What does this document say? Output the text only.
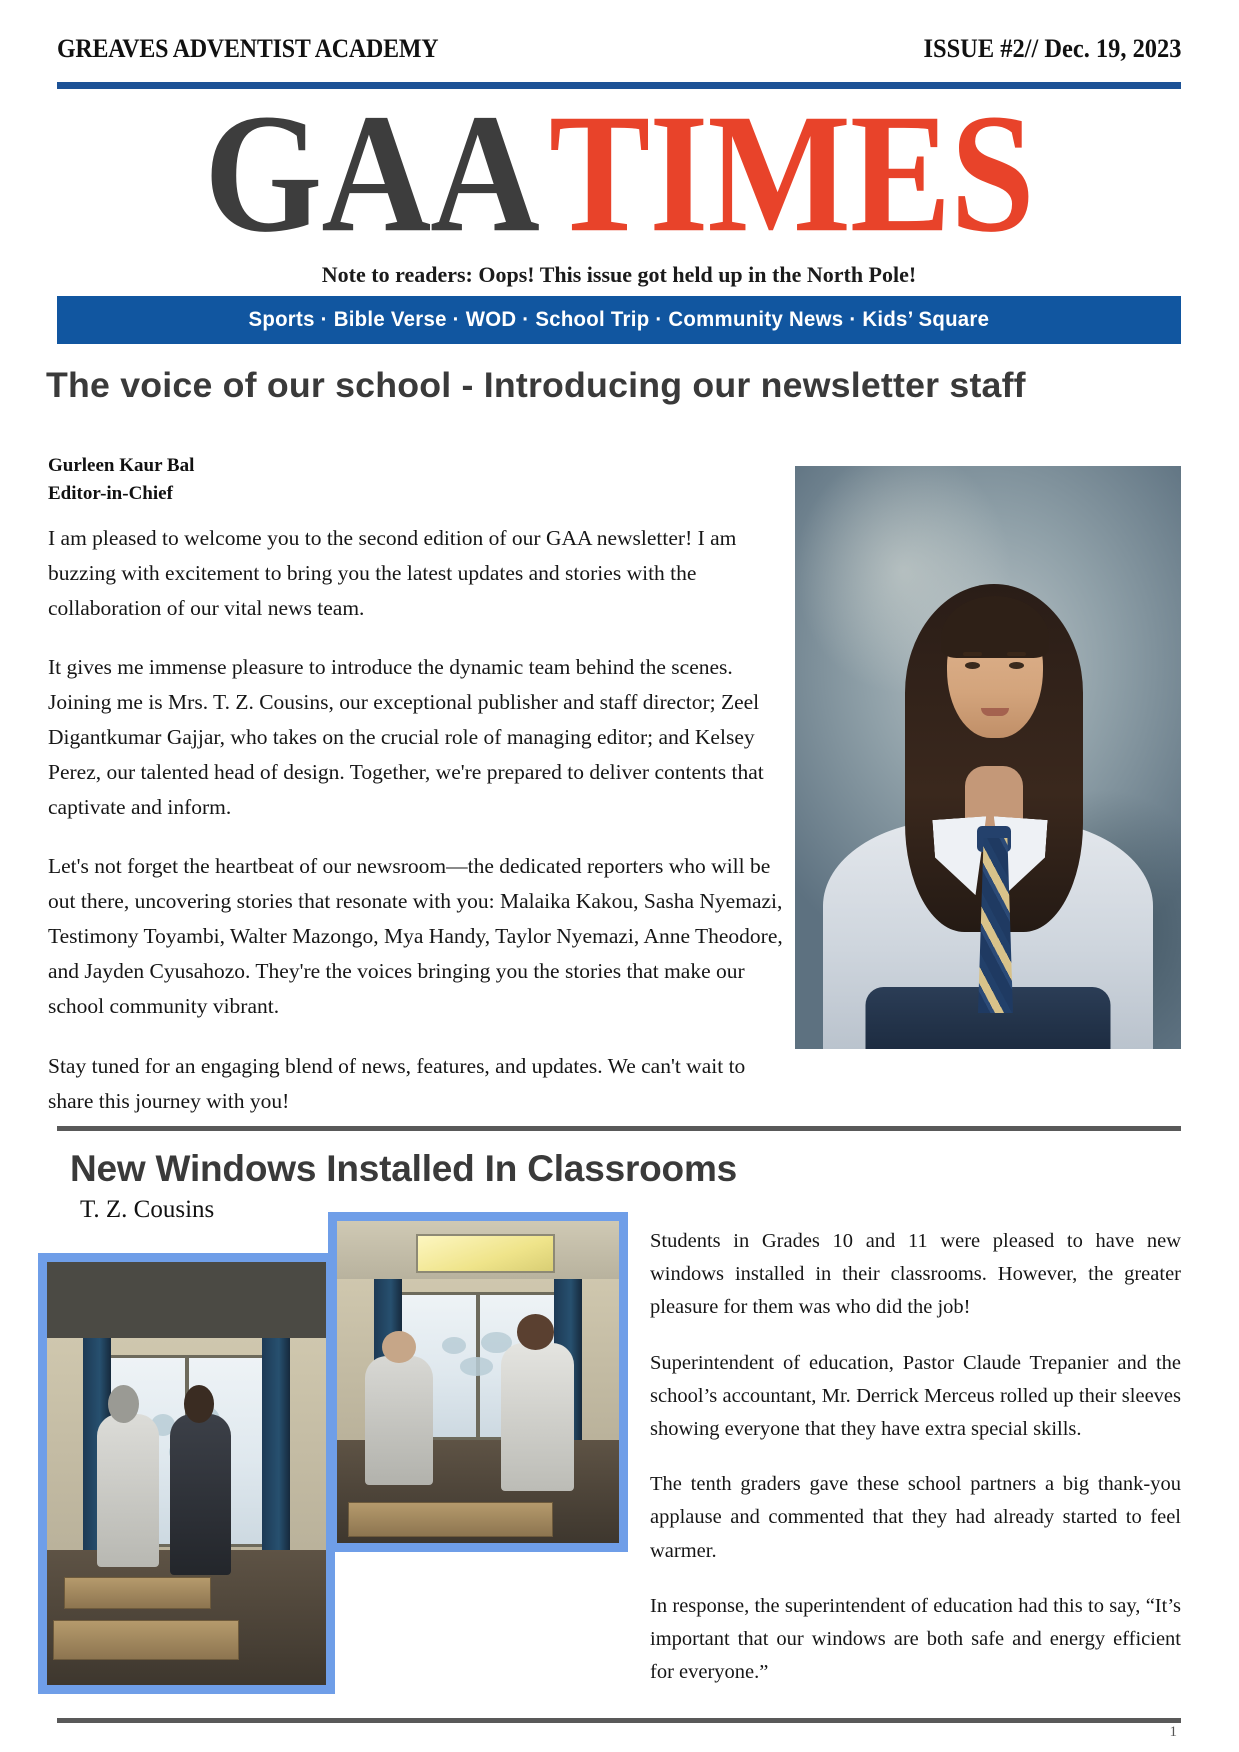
GREAVES ADVENTIST ACADEMY	ISSUE #2// Dec. 19, 2023
GAATIMES
Note to readers: Oops! This issue got held up in the North Pole!
Sports · Bible Verse · WOD · School Trip · Community News · Kids’ Square
The voice of our school - Introducing our newsletter staff
Gurleen Kaur Bal
Editor-in-Chief

I am pleased to welcome you to the second edition of our GAA newsletter! I am buzzing with excitement to bring you the latest updates and stories with the collaboration of our vital news team.

It gives me immense pleasure to introduce the dynamic team behind the scenes. Joining me is Mrs. T. Z. Cousins, our exceptional publisher and staff director; Zeel Digantkumar Gajjar, who takes on the crucial role of managing editor; and Kelsey Perez, our talented head of design. Together, we're prepared to deliver contents that captivate and inform.

Let's not forget the heartbeat of our newsroom—the dedicated reporters who will be out there, uncovering stories that resonate with you: Malaika Kakou, Sasha Nyemazi, Testimony Toyambi, Walter Mazongo, Mya Handy, Taylor Nyemazi, Anne Theodore, and Jayden Cyusahozo. They're the voices bringing you the stories that make our school community vibrant.

Stay tuned for an engaging blend of news, features, and updates. We can't wait to share this journey with you!

New Windows Installed In Classrooms
T. Z. Cousins

Students in Grades 10 and 11 were pleased to have new windows installed in their classrooms. However, the greater pleasure for them was who did the job!

Superintendent of education, Pastor Claude Trepanier and the school’s accountant, Mr. Derrick Merceus rolled up their sleeves showing everyone that they have extra special skills.

The tenth graders gave these school partners a big thank-you applause and commented that they had already started to feel warmer.

In response, the superintendent of education had this to say, “It’s important that our windows are both safe and energy efficient for everyone.”

1
